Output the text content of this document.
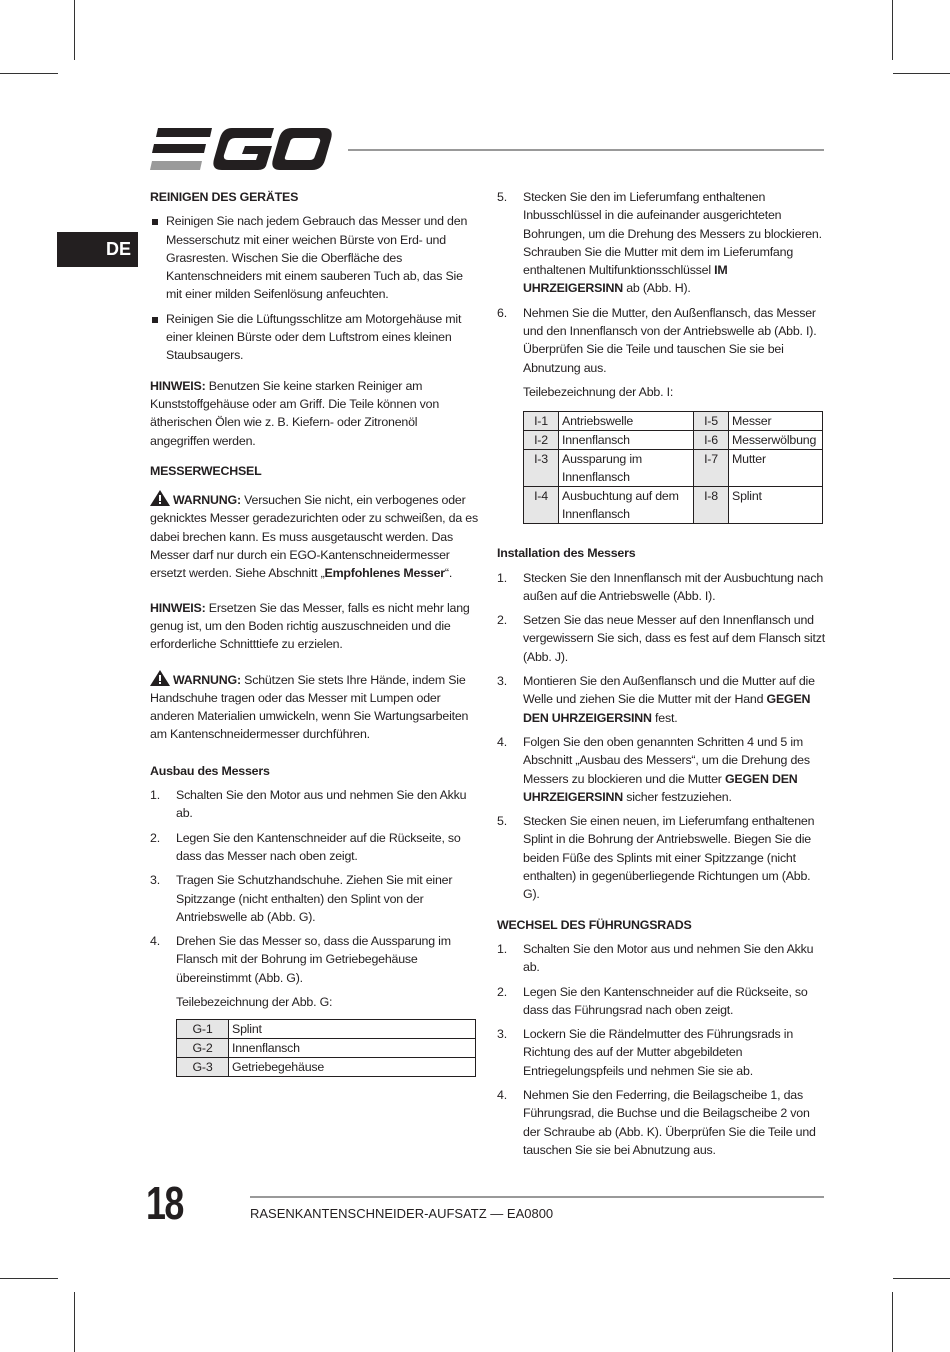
DE
REINIGEN DES GERÄTES
Reinigen Sie nach jedem Gebrauch das Messer und den Messerschutz mit einer weichen Bürste von Erd- und Grasresten. Wischen Sie die Oberfläche des Kantenschneiders mit einem sauberen Tuch ab, das Sie mit einer milden Seifenlösung anfeuchten.
Reinigen Sie die Lüftungsschlitze am Motorgehäuse mit einer kleinen Bürste oder dem Luftstrom eines kleinen Staubsaugers.
HINWEIS: Benutzen Sie keine starken Reiniger am Kunststoffgehäuse oder am Griff. Die Teile können von ätherischen Ölen wie z. B. Kiefern- oder Zitronenöl angegriffen werden.
MESSERWECHSEL
WARNUNG: Versuchen Sie nicht, ein verbogenes oder geknicktes Messer geradezurichten oder zu schweißen, da es dabei brechen kann. Es muss ausgetauscht werden. Das Messer darf nur durch ein EGO-Kantenschneidermesser ersetzt werden. Siehe Abschnitt „Empfohlenes Messer“.
HINWEIS: Ersetzen Sie das Messer, falls es nicht mehr lang genug ist, um den Boden richtig auszuschneiden und die erforderliche Schnitttiefe zu erzielen.
WARNUNG: Schützen Sie stets Ihre Hände, indem Sie Handschuhe tragen oder das Messer mit Lumpen oder anderen Materialien umwickeln, wenn Sie Wartungsarbeiten am Kantenschneidermesser durchführen.
Ausbau des Messers
1. Schalten Sie den Motor aus und nehmen Sie den Akku ab.
2. Legen Sie den Kantenschneider auf die Rückseite, so dass das Messer nach oben zeigt.
3. Tragen Sie Schutzhandschuhe. Ziehen Sie mit einer Spitzzange (nicht enthalten) den Splint von der Antriebswelle ab (Abb. G).
4. Drehen Sie das Messer so, dass die Aussparung im Flansch mit der Bohrung im Getriebegehäuse übereinstimmt (Abb. G).
Teilebezeichnung der Abb. G:
G-1	Splint
G-2	Innenflansch
G-3	Getriebegehäuse
5. Stecken Sie den im Lieferumfang enthaltenen Inbusschlüssel in die aufeinander ausgerichteten Bohrungen, um die Drehung des Messers zu blockieren. Schrauben Sie die Mutter mit dem im Lieferumfang enthaltenen Multifunktionsschlüssel IM UHRZEIGERSINN ab (Abb. H).
6. Nehmen Sie die Mutter, den Außenflansch, das Messer und den Innenflansch von der Antriebswelle ab (Abb. I). Überprüfen Sie die Teile und tauschen Sie sie bei Abnutzung aus.
Teilebezeichnung der Abb. I:
I-1	Antriebswelle	I-5	Messer
I-2	Innenflansch	I-6	Messerwölbung
I-3	Aussparung im Innenflansch	I-7	Mutter
I-4	Ausbuchtung auf dem Innenflansch	I-8	Splint
Installation des Messers
1. Stecken Sie den Innenflansch mit der Ausbuchtung nach außen auf die Antriebswelle (Abb. I).
2. Setzen Sie das neue Messer auf den Innenflansch und vergewissern Sie sich, dass es fest auf dem Flansch sitzt (Abb. J).
3. Montieren Sie den Außenflansch und die Mutter auf die Welle und ziehen Sie die Mutter mit der Hand GEGEN DEN UHRZEIGERSINN fest.
4. Folgen Sie den oben genannten Schritten 4 und 5 im Abschnitt „Ausbau des Messers“, um die Drehung des Messers zu blockieren und die Mutter GEGEN DEN UHRZEIGERSINN sicher festzuziehen.
5. Stecken Sie einen neuen, im Lieferumfang enthaltenen Splint in die Bohrung der Antriebswelle. Biegen Sie die beiden Füße des Splints mit einer Spitzzange (nicht enthalten) in gegenüberliegende Richtungen um (Abb. G).
WECHSEL DES FÜHRUNGSRADS
1. Schalten Sie den Motor aus und nehmen Sie den Akku ab.
2. Legen Sie den Kantenschneider auf die Rückseite, so dass das Führungsrad nach oben zeigt.
3. Lockern Sie die Rändelmutter des Führungsrads in Richtung des auf der Mutter abgebildeten Entriegelungspfeils und nehmen Sie sie ab.
4. Nehmen Sie den Federring, die Beilagscheibe 1, das Führungsrad, die Buchse und die Beilagscheibe 2 von der Schraube ab (Abb. K). Überprüfen Sie die Teile und tauschen Sie sie bei Abnutzung aus.
18	RASENKANTENSCHNEIDER-AUFSATZ — EA0800
